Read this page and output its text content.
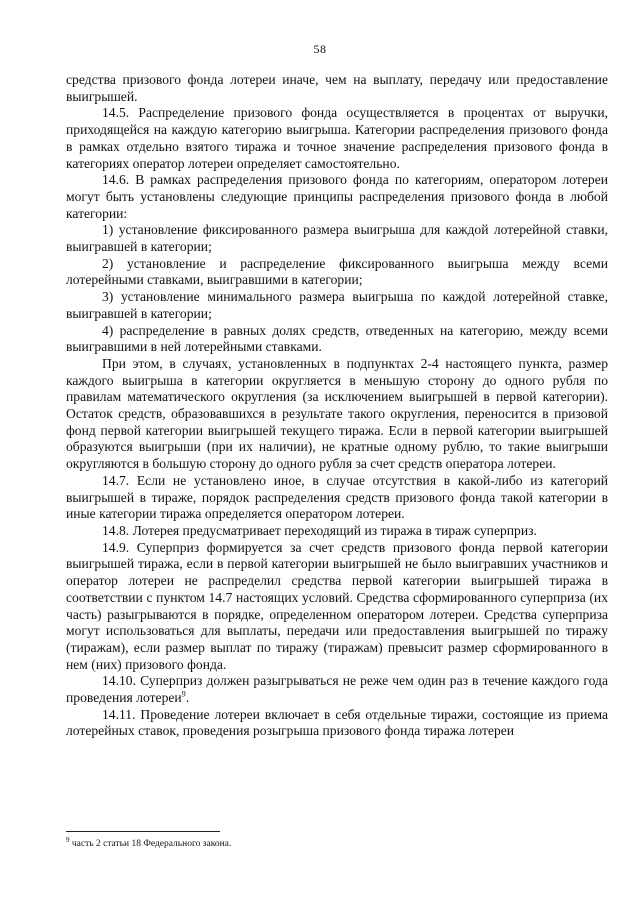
58

средства призового фонда лотереи иначе, чем на выплату, передачу или предоставление выигрышей.

14.5. Распределение призового фонда осуществляется в процентах от выручки, приходящейся на каждую категорию выигрыша. Категории распределения призового фонда в рамках отдельно взятого тиража и точное значение распределения призового фонда в категориях оператор лотереи определяет самостоятельно.

14.6. В рамках распределения призового фонда по категориям, оператором лотереи могут быть установлены следующие принципы распределения призового фонда в любой категории:

1) установление фиксированного размера выигрыша для каждой лотерейной ставки, выигравшей в категории;

2) установление и распределение фиксированного выигрыша между всеми лотерейными ставками, выигравшими в категории;

3) установление минимального размера выигрыша по каждой лотерейной ставке, выигравшей в категории;

4) распределение в равных долях средств, отведенных на категорию, между всеми выигравшими в ней лотерейными ставками.

При этом, в случаях, установленных в подпунктах 2-4 настоящего пункта, размер каждого выигрыша в категории округляется в меньшую сторону до одного рубля по правилам математического округления (за исключением выигрышей в первой категории). Остаток средств, образовавшихся в результате такого округления, переносится в призовой фонд первой категории выигрышей текущего тиража. Если в первой категории выигрышей образуются выигрыши (при их наличии), не кратные одному рублю, то такие выигрыши округляются в большую сторону до одного рубля за счет средств оператора лотереи.

14.7. Если не установлено иное, в случае отсутствия в какой-либо из категорий выигрышей в тираже, порядок распределения средств призового фонда такой категории в иные категории тиража определяется оператором лотереи.

14.8. Лотерея предусматривает переходящий из тиража в тираж суперприз.

14.9. Суперприз формируется за счет средств призового фонда первой категории выигрышей тиража, если в первой категории выигрышей не было выигравших участников и оператор лотереи не распределил средства первой категории выигрышей тиража в соответствии с пунктом 14.7 настоящих условий. Средства сформированного суперприза (их часть) разыгрываются в порядке, определенном оператором лотереи. Средства суперприза могут использоваться для выплаты, передачи или предоставления выигрышей по тиражу (тиражам), если размер выплат по тиражу (тиражам) превысит размер сформированного в нем (них) призового фонда.

14.10. Суперприз должен разыгрываться не реже чем один раз в течение каждого года проведения лотереи$^9$.

14.11. Проведение лотереи включает в себя отдельные тиражи, состоящие из приема лотерейных ставок, проведения розыгрыша призового фонда тиража лотереи

$^9$ часть 2 статьи 18 Федерального закона.
